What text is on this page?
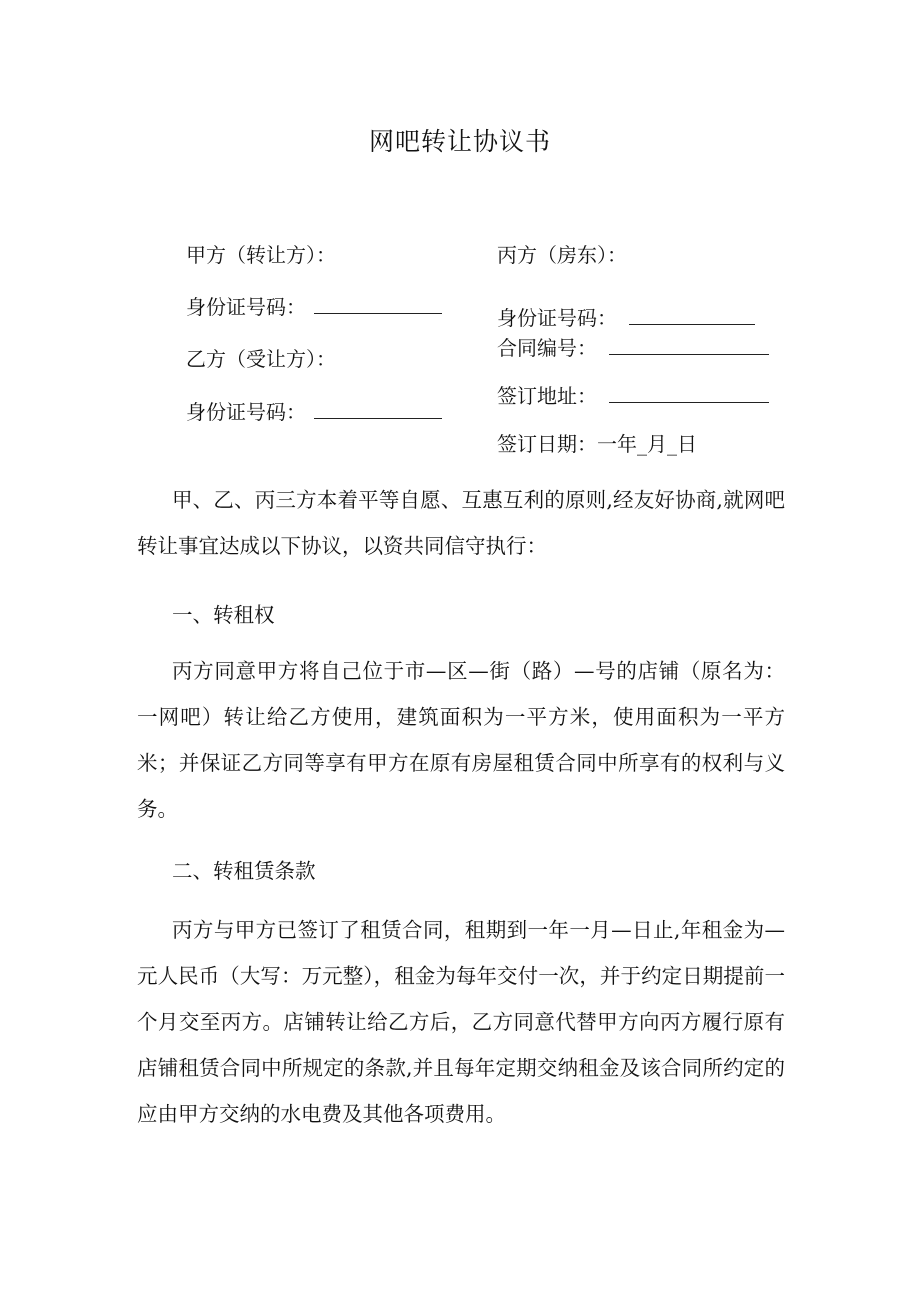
网吧转让协议书
甲方（转让方）：
身份证号码：
乙方（受让方）：
身份证号码：
丙方（房东）：
身份证号码：
合同编号：
签订地址：
签订日期：一年_月_日

甲、乙、丙三方本着平等自愿、互惠互利的原则,经友好协商,就网吧转让事宜达成以下协议，以资共同信守执行：

一、转租权

丙方同意甲方将自己位于市—区—街（路）—号的店铺（原名为：一网吧）转让给乙方使用，建筑面积为一平方米，使用面积为一平方米；并保证乙方同等享有甲方在原有房屋租赁合同中所享有的权利与义务。

二、转租赁条款

丙方与甲方已签订了租赁合同，租期到一年一月—日止,年租金为—元人民币（大写：万元整），租金为每年交付一次，并于约定日期提前一个月交至丙方。店铺转让给乙方后，乙方同意代替甲方向丙方履行原有店铺租赁合同中所规定的条款,并且每年定期交纳租金及该合同所约定的应由甲方交纳的水电费及其他各项费用。
